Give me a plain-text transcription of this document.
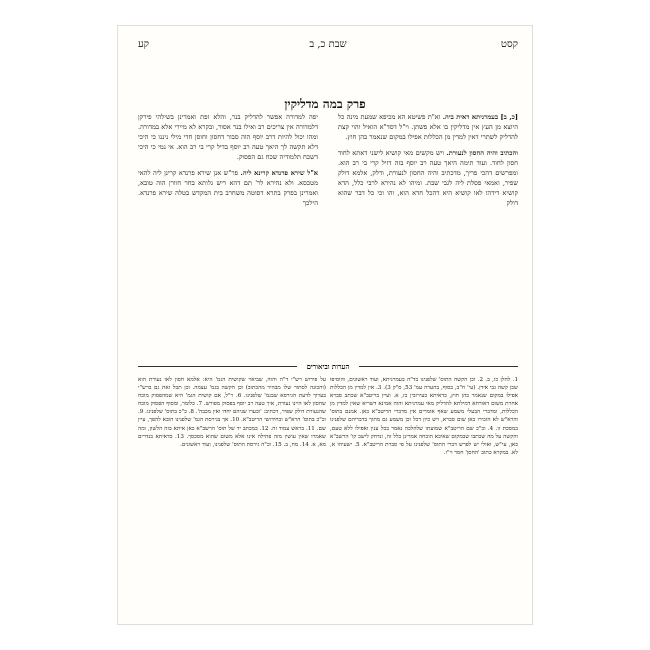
קסט
שבת כ, ב
קע
פרק במה מדליקין

[כ, ב] בעמרניתא דאית ביה. וא"ת פשיטא הא מכיפא שמעת מינה כל היוצא מן העץ אין מדליקין בו אלא פשתן. וי"ל דסד"א הואיל והוי קצת להדליק לשתרי דאין למדין מן הכללות אפילו במקום שנאמר בהן חוץ.

והכתיב והיה החסון לנעורת. ויש מקשים מאי קושיא לישני דאתא לחוד חסון לחוד. ועוד תימה היאך טעה רב יוסף בזה דזיל קרי בי רב הוא. ומפרשים דהכי פריך, מדכתיב והיה החסון לנעורת, ודלק, אלמא דולק שפיר, ואמאי פסלת ליה לגבי שבת. ומיהו לא נהירא לרבי כלל, הדא קושיא דידהו לאו קושיא היא דהכל חדא הוא, והו וכי כל דבר שהוא דולק

יפה למדורה אפשר להדליק בנר, והלא זפת ואמרינן בשילהי פירקן דלמדורה אין צריכים רב ואילו בנר אסור, ובקרא לא מיירי אלא במדורה. ומהו יכול להיות דרב יוסף הוה סבור דחסון וחוסן חדי מילי ניננו כי היכי דלא תקשה לך היאך טעה רב יוסף בדיל קרי בי רב הוא. אי נמי כי היכי דשכח תלמודיה שכח גם הפסוק.

א"ל שירא פרנדא קרינא ליה. פר"ש אנן שירא פרנדא קרינן ליה להאי מטכסא. ולא נהירא לר' תם דהא ריש גלותא בחר חוורן הוה טובא, ואמרינן בפרק בתרא דסוטה משחרב בית המקדש בטלה שירא פרנדא. הילכך

הערות וביאורים
1. להלן כו, ב. 2. וכן הקשה התוס' שלפנינו בד"ה בעמרניתא, ועוד ראשונים, והוסיפו שכן קשה גבי אידן. (עי' ח"ב, בסוף, בהערה עמ' 53, ס"ק 3). 3. אין למדין מן הכללות אפילו במקום שנאמר בהן חוץ, כדאיתא בעירובין כז, א. ועיין בריטב"א שכתב סברא אחרת משום דאורחא דמילתא להדליק מאי עמרניתא והוה אמינא דשריא שאין למדין מן הכללות, ומדברי הבעלי משמע שאף אומרים אין מדברי הריטב"א כאן. אמנם בתוס' והרא"ש לא הזכירו כאן שום סברא, ויש כיון דכל וכן משמע גם מתוך בדבריהם שלפנינו במסכת זו. 4. וכ"כ שם הריטב"א שמועתו שלהלכה נאמר בכל ענין ואפילו ללא טעם, והקשה על מה שכתבו שבמקום שאיכא הוכחה אמרינן כלל זה, ונדחק לישב קו' הרשב"א כאן, עי"ש, ואולי יש לפרש דברי התוס' שלפנינו על פי סברת הריטב"א. 5. ישעיהו א, לא. במקרא כתוב 'החסן' חסר וי"ו.
על פירוש רש"י ד"ה והוה, שביאר שקושית הגמ' היא: אלמא חסון לאו נעורת הוא (והכונה לסתור שלו מבהיר מהכתוב) וכן הקשה בגמ' עצמה. וכן תכל זאת גם ברש"י בערוך לדעת הגירסא שבגמ' שלפנינו. 6. ר"ל, אם קושית הגמ' היא שמהפסוק מוכח שחסון לאו היינו נעורת, איך טעה רב יוסף בפסוק מפורש. 7. כלומר, ומסוף הפסוק מוכח שהנעורת דולק שפיר, דכתיב: 'ובערו שניהם יחדו ואין מכבה'. 8. כ"כ בתוס' שלפנינו. 9. וכ"כ בתוס' הרא"ש ובחידושי הריטב"א. 10. אך בגירסת הגמ' שלפנינו הובא להפך, עיין שם. 11. בראש עמוד זה. 12. במכתב יד של תוס' הרשב"א כאן איתא בזה הלשון, ומה שאמרו שאין עושין מזה פתילה אינו אלא משום שהוא מסכסך. 13. כדאיתא בנדרים מא, א. 14. מח, ב. 15. וכ"ה גירסת התוס' שלפנינו, ועוד ראשונים.
